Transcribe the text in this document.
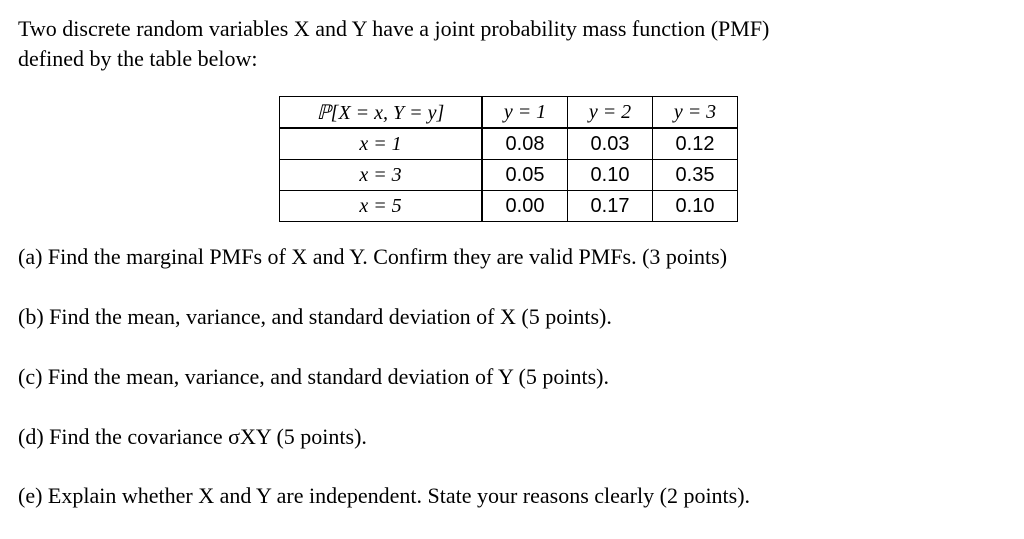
Two discrete random variables X and Y have a joint probability mass function (PMF)
defined by the table below:
ℙ[X = x, Y = y]	y = 1	y = 2	y = 3
x = 1	0.08	0.03	0.12
x = 3	0.05	0.10	0.35
x = 5	0.00	0.17	0.10
(a) Find the marginal PMFs of X and Y. Confirm they are valid PMFs. (3 points)
(b) Find the mean, variance, and standard deviation of X (5 points).
(c) Find the mean, variance, and standard deviation of Y (5 points).
(d) Find the covariance σXY (5 points).
(e) Explain whether X and Y are independent. State your reasons clearly (2 points).
